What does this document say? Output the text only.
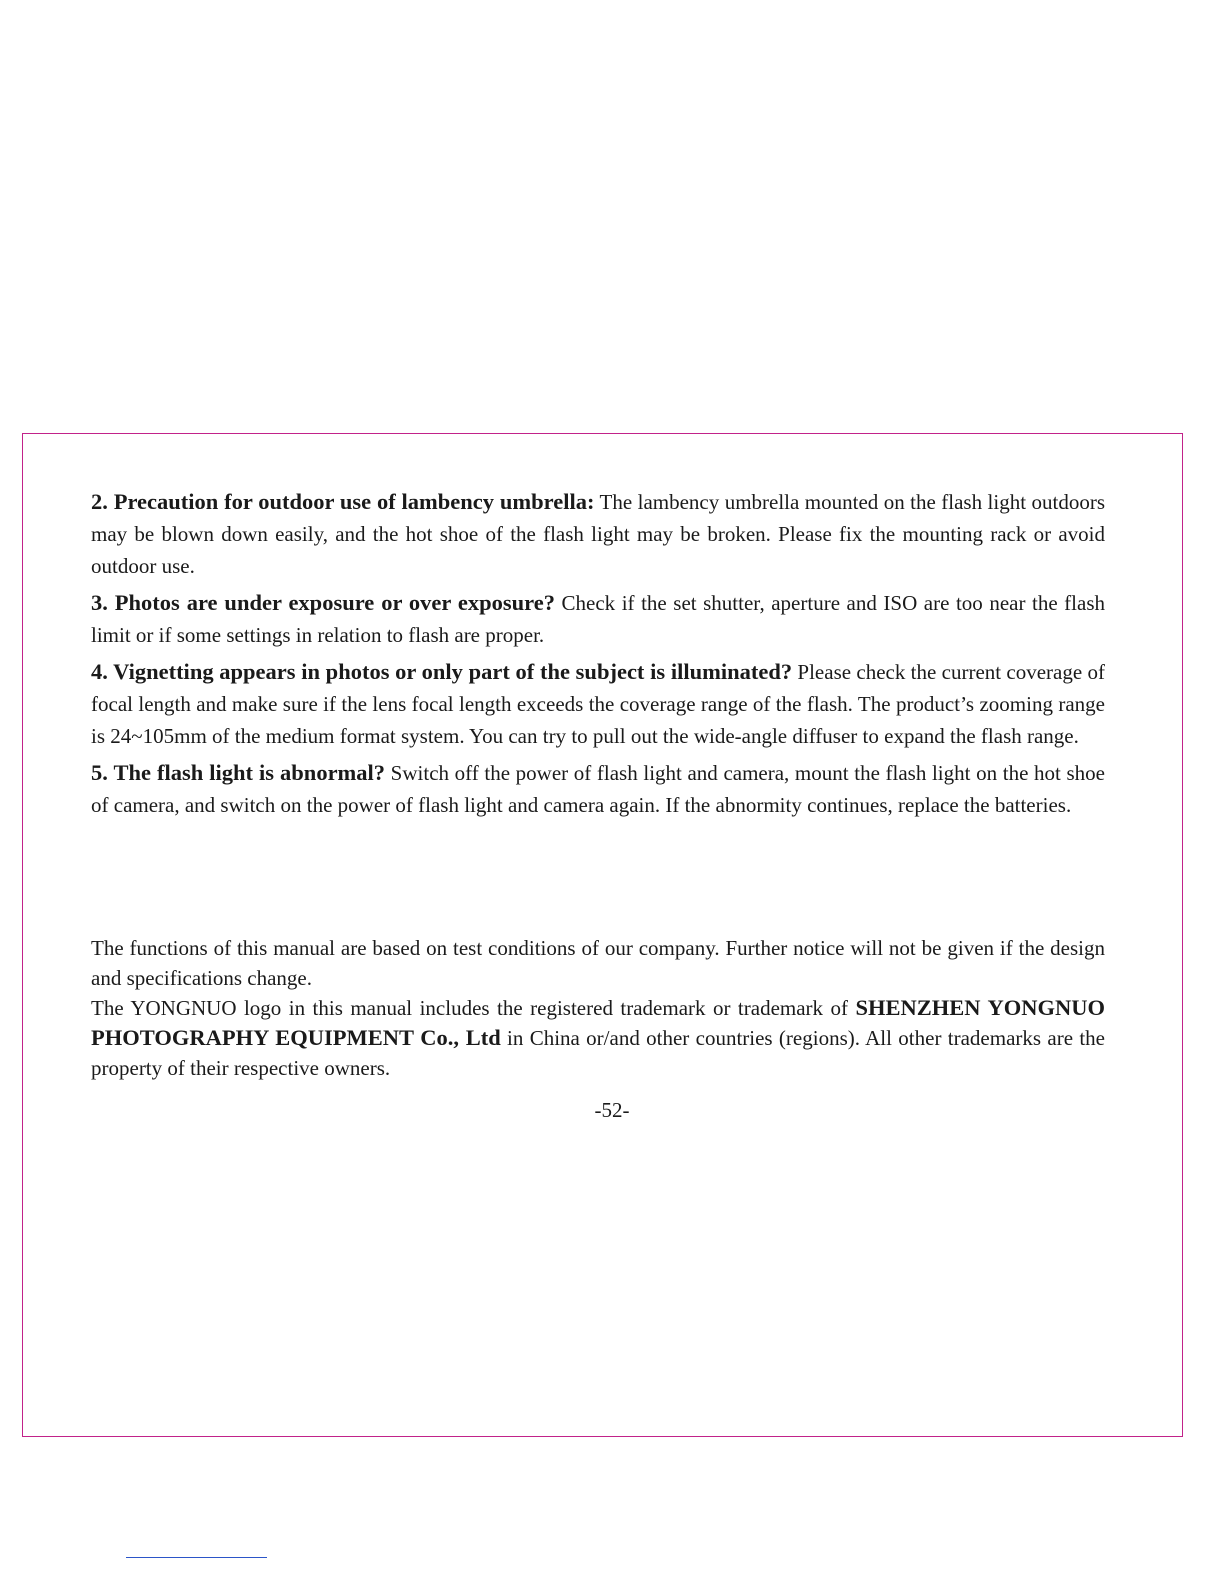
2. Precaution for outdoor use of lambency umbrella: The lambency umbrella mounted on the flash light outdoors may be blown down easily, and the hot shoe of the flash light may be broken. Please fix the mounting rack or avoid outdoor use.

3. Photos are under exposure or over exposure? Check if the set shutter, aperture and ISO are too near the flash limit or if some settings in relation to flash are proper.

4. Vignetting appears in photos or only part of the subject is illuminated? Please check the current coverage of focal length and make sure if the lens focal length exceeds the coverage range of the flash. The product’s zooming range is 24~105mm of the medium format system. You can try to pull out the wide-angle diffuser to expand the flash range.

5. The flash light is abnormal? Switch off the power of flash light and camera, mount the flash light on the hot shoe of camera, and switch on the power of flash light and camera again. If the abnormity continues, replace the batteries.

The functions of this manual are based on test conditions of our company. Further notice will not be given if the design and specifications change.

The YONGNUO logo in this manual includes the registered trademark or trademark of SHENZHEN YONGNUO PHOTOGRAPHY EQUIPMENT Co., Ltd in China or/and other countries (regions). All other trademarks are the property of their respective owners.

-52-
